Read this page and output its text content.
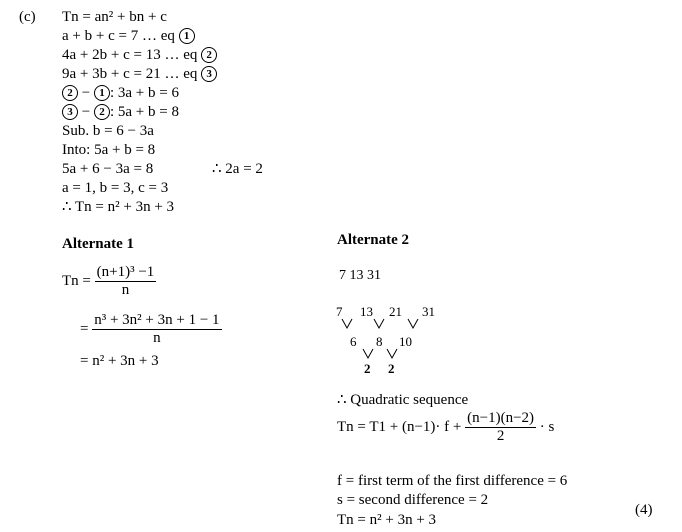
(c) Tn = an² + bn + c
a + b + c = 7 … eq 1
4a + 2b + c = 13 … eq 2
9a + 3b + c = 21 … eq 3
2 − 1 : 3a + b = 6
3 − 2 : 5a + b = 8
Sub. b = 6 − 3a
Into: 5a + b = 8
5a + 6 − 3a = 8	∴ 2a = 2
a = 1, b = 3, c = 3
∴ Tn = n² + 3n + 3
Alternate 1
$Tn = \frac{\text{(n+1)³ −1}}{n}$
= $\frac{\text{n³ + 3n² + 3n + 1 − 1}}{n}$
= n² + 3n + 3
Alternate 2
7 13 31
7 13 21 31
6 8 10
2 2
∴ Quadratic sequence
$Tn = T1 + (n-1)\cdot f + \frac{(n-1)(n-2)}{2} \cdot s$
f = first term of the first difference = 6
s = second difference = 2
Tn = n² + 3n + 3
(4)
